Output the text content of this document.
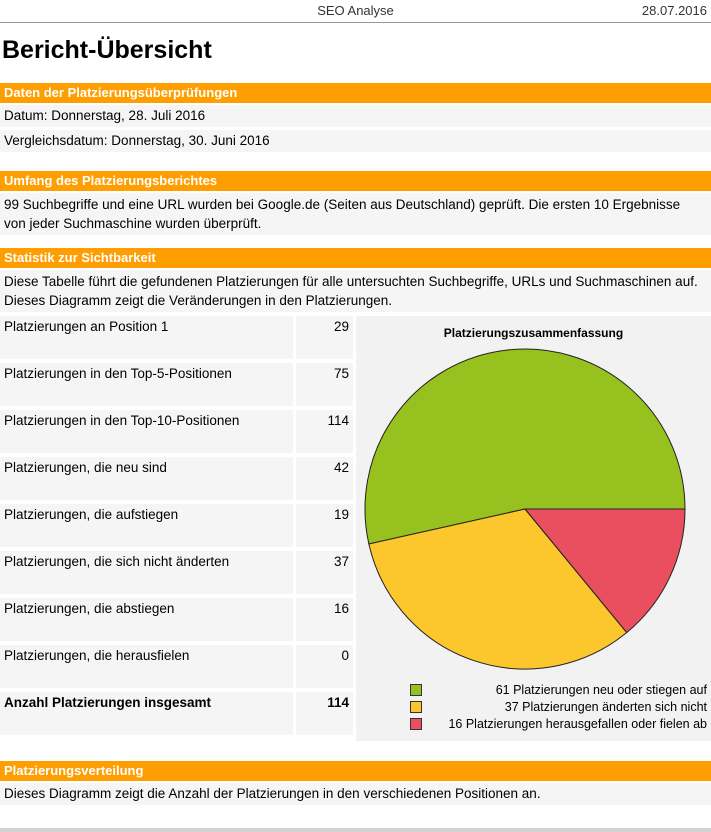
SEO Analyse	28.07.2016
Bericht-Übersicht
Daten der Platzierungsüberprüfungen
Datum: Donnerstag, 28. Juli 2016
Vergleichsdatum: Donnerstag, 30. Juni 2016
Umfang des Platzierungsberichtes
99 Suchbegriffe und eine URL wurden bei Google.de (Seiten aus Deutschland) geprüft. Die ersten 10 Ergebnisse von jeder Suchmaschine wurden überprüft.
Statistik zur Sichtbarkeit
Diese Tabelle führt die gefundenen Platzierungen für alle untersuchten Suchbegriffe, URLs und Suchmaschinen auf. Dieses Diagramm zeigt die Veränderungen in den Platzierungen.
Platzierungen an Position 1	29
Platzierungen in den Top-5-Positionen	75
Platzierungen in den Top-10-Positionen	114
Platzierungen, die neu sind	42
Platzierungen, die aufstiegen	19
Platzierungen, die sich nicht änderten	37
Platzierungen, die abstiegen	16
Platzierungen, die herausfielen	0
Anzahl Platzierungen insgesamt	114
Platzierungszusammenfassung
61 Platzierungen neu oder stiegen auf
37 Platzierungen änderten sich nicht
16 Platzierungen herausgefallen oder fielen ab
Platzierungsverteilung
Dieses Diagramm zeigt die Anzahl der Platzierungen in den verschiedenen Positionen an.
